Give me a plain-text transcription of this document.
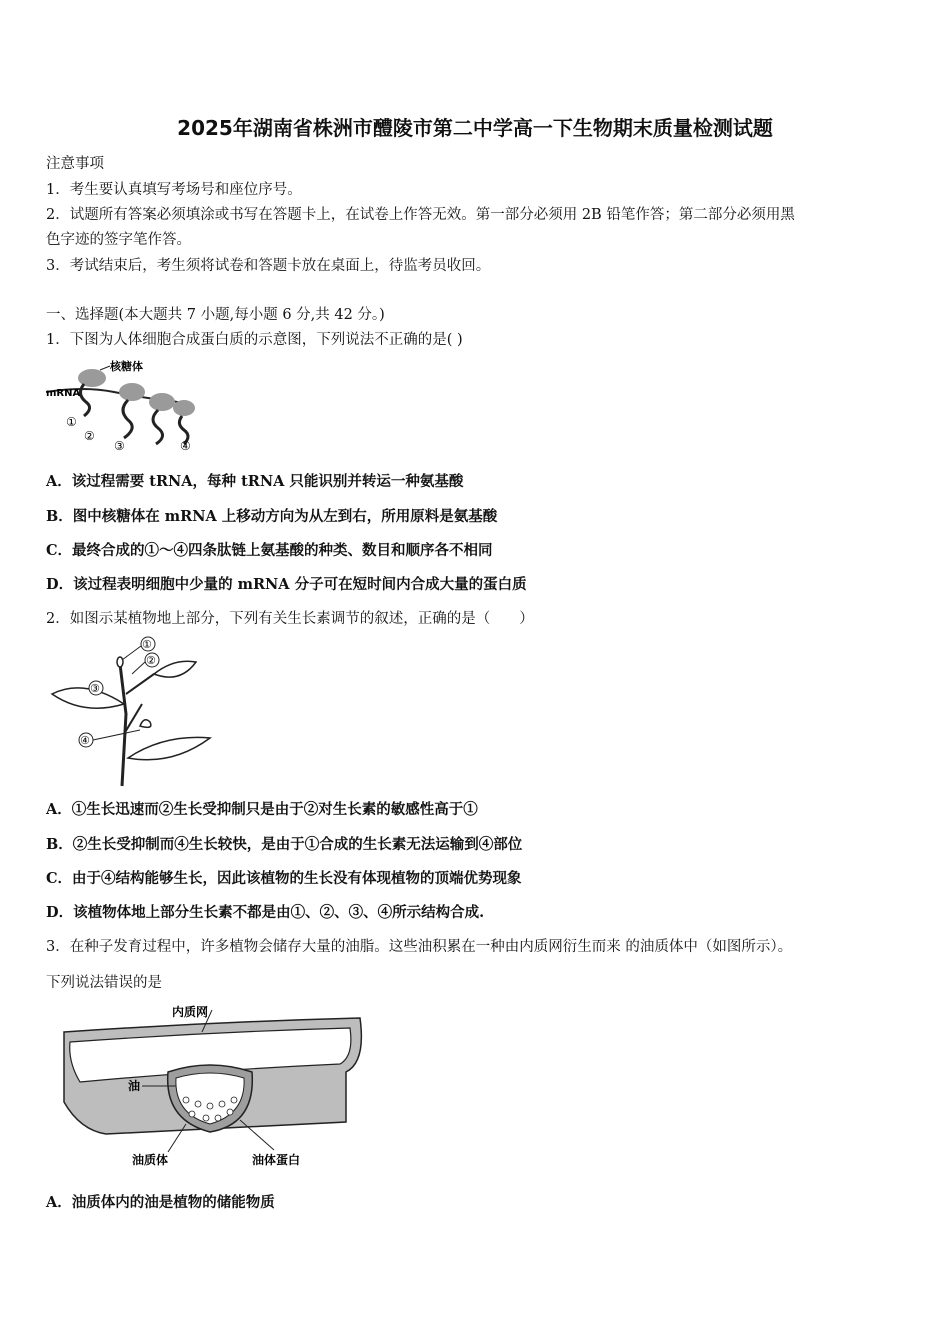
2025年湖南省株洲市醴陵市第二中学高一下生物期末质量检测试题
注意事项
1．考生要认真填写考场号和座位序号。
2．试题所有答案必须填涂或书写在答题卡上，在试卷上作答无效。第一部分必须用 2B 铅笔作答；第二部分必须用黑
色字迹的签字笔作答。
3．考试结束后，考生须将试卷和答题卡放在桌面上，待监考员收回。
一、选择题(本大题共 7 小题,每小题 6 分,共 42 分。)
1．下图为人体细胞合成蛋白质的示意图，下列说法不正确的是( )
核糖体
mRNA
①
②
③	④
A．该过程需要 tRNA，每种 tRNA 只能识别并转运一种氨基酸
B．图中核糖体在 mRNA 上移动方向为从左到右，所用原料是氨基酸
C．最终合成的①～④四条肽链上氨基酸的种类、数目和顺序各不相同
D．该过程表明细胞中少量的 mRNA 分子可在短时间内合成大量的蛋白质
2．如图示某植物地上部分，下列有关生长素调节的叙述，正确的是（　　）
①
②
③
④
A．①生长迅速而②生长受抑制只是由于②对生长素的敏感性高于①
B．②生长受抑制而④生长较快，是由于①合成的生长素无法运输到④部位
C．由于④结构能够生长，因此该植物的生长没有体现植物的顶端优势现象
D．该植物体地上部分生长素不都是由①、②、③、④所示结构合成.
3．在种子发育过程中，许多植物会储存大量的油脂。这些油积累在一种由内质网衍生而来 的油质体中（如图所示）。
下列说法错误的是
内质网
油
油质体	油体蛋白
A．油质体内的油是植物的储能物质
